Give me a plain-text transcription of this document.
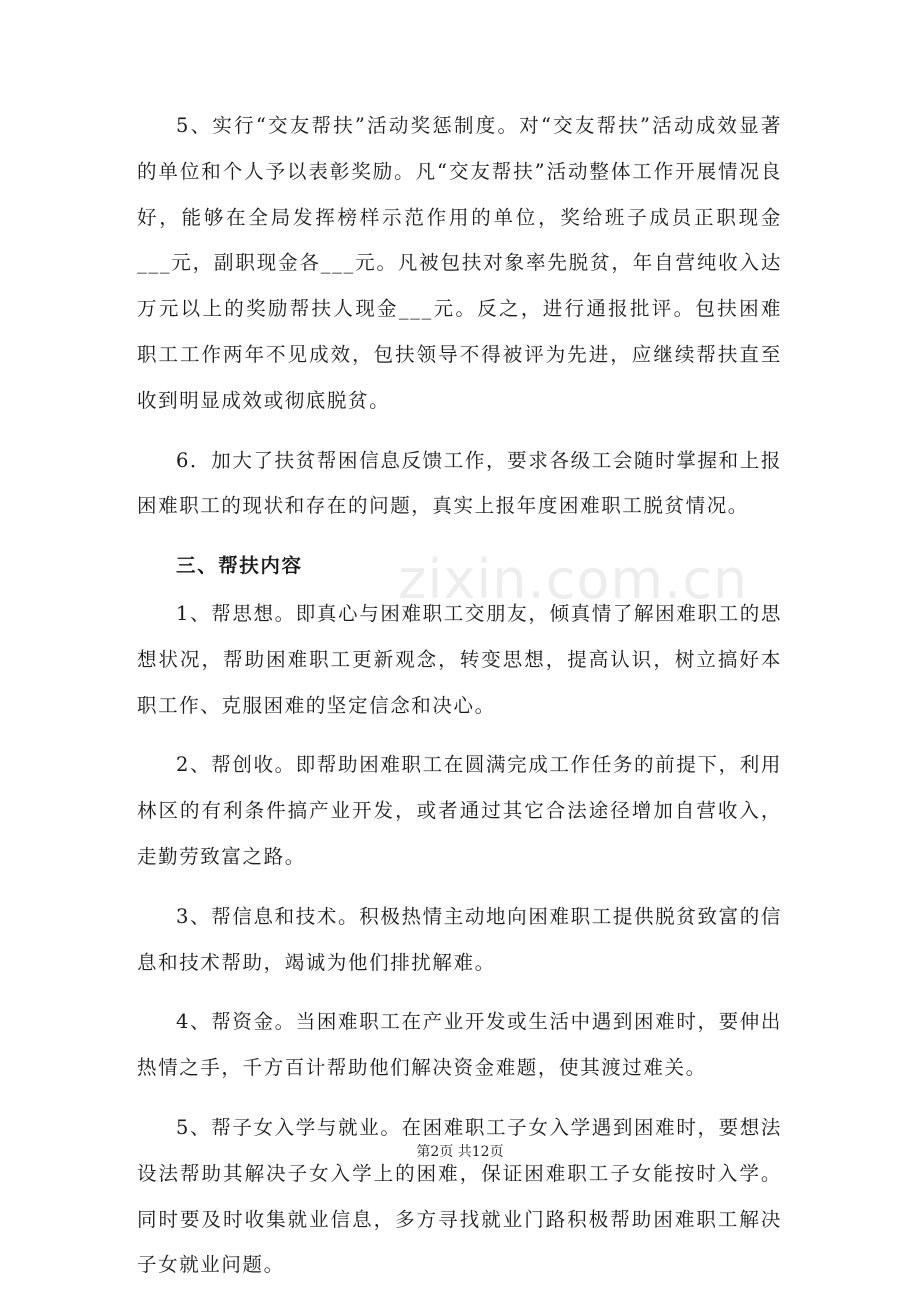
5、实行“交友帮扶”活动奖惩制度。对“交友帮扶”活动成效显著的单位和个人予以表彰奖励。凡“交友帮扶”活动整体工作开展情况良好，能够在全局发挥榜样示范作用的单位，奖给班子成员正职现金___元，副职现金各___元。凡被包扶对象率先脱贫，年自营纯收入达万元以上的奖励帮扶人现金___元。反之，进行通报批评。包扶困难职工工作两年不见成效，包扶领导不得被评为先进，应继续帮扶直至收到明显成效或彻底脱贫。

6．加大了扶贫帮困信息反馈工作，要求各级工会随时掌握和上报困难职工的现状和存在的问题，真实上报年度困难职工脱贫情况。

三、帮扶内容

1、帮思想。即真心与困难职工交朋友，倾真情了解困难职工的思想状况，帮助困难职工更新观念，转变思想，提高认识，树立搞好本职工作、克服困难的坚定信念和决心。

2、帮创收。即帮助困难职工在圆满完成工作任务的前提下，利用林区的有利条件搞产业开发，或者通过其它合法途径增加自营收入，走勤劳致富之路。

3、帮信息和技术。积极热情主动地向困难职工提供脱贫致富的信息和技术帮助，竭诚为他们排扰解难。

4、帮资金。当困难职工在产业开发或生活中遇到困难时，要伸出热情之手，千方百计帮助他们解决资金难题，使其渡过难关。

5、帮子女入学与就业。在困难职工子女入学遇到困难时，要想法设法帮助其解决子女入学上的困难，保证困难职工子女能按时入学。同时要及时收集就业信息，多方寻找就业门路积极帮助困难职工解决子女就业问题。

zixin.com.cn
第2页 共12页
